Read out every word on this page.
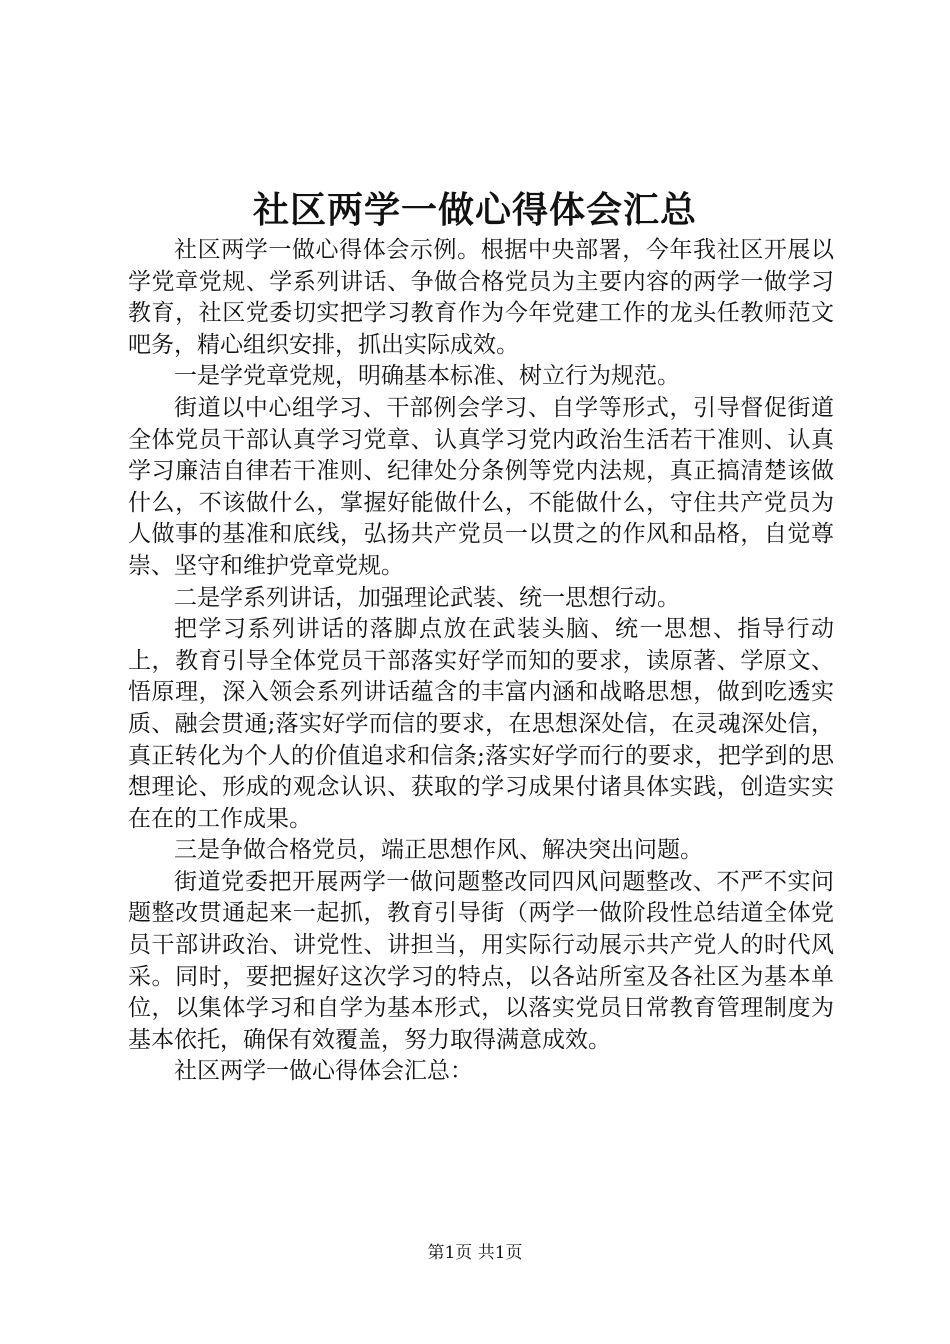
社区两学一做心得体会汇总

社区两学一做心得体会示例。根据中央部署，今年我社区开展以学党章党规、学系列讲话、争做合格党员为主要内容的两学一做学习教育，社区党委切实把学习教育作为今年党建工作的龙头任教师范文吧务，精心组织安排，抓出实际成效。

一是学党章党规，明确基本标准、树立行为规范。

街道以中心组学习、干部例会学习、自学等形式，引导督促街道全体党员干部认真学习党章、认真学习党内政治生活若干准则、认真学习廉洁自律若干准则、纪律处分条例等党内法规，真正搞清楚该做什么，不该做什么，掌握好能做什么，不能做什么，守住共产党员为人做事的基准和底线，弘扬共产党员一以贯之的作风和品格，自觉尊崇、坚守和维护党章党规。

二是学系列讲话，加强理论武装、统一思想行动。

把学习系列讲话的落脚点放在武装头脑、统一思想、指导行动上，教育引导全体党员干部落实好学而知的要求，读原著、学原文、悟原理，深入领会系列讲话蕴含的丰富内涵和战略思想，做到吃透实质、融会贯通;落实好学而信的要求，在思想深处信，在灵魂深处信，真正转化为个人的价值追求和信条;落实好学而行的要求，把学到的思想理论、形成的观念认识、获取的学习成果付诸具体实践，创造实实在在的工作成果。

三是争做合格党员，端正思想作风、解决突出问题。

街道党委把开展两学一做问题整改同四风问题整改、不严不实问题整改贯通起来一起抓，教育引导街（两学一做阶段性总结道全体党员干部讲政治、讲党性、讲担当，用实际行动展示共产党人的时代风采。同时，要把握好这次学习的特点，以各站所室及各社区为基本单位，以集体学习和自学为基本形式，以落实党员日常教育管理制度为基本依托，确保有效覆盖，努力取得满意成效。

社区两学一做心得体会汇总：

第1页 共1页
